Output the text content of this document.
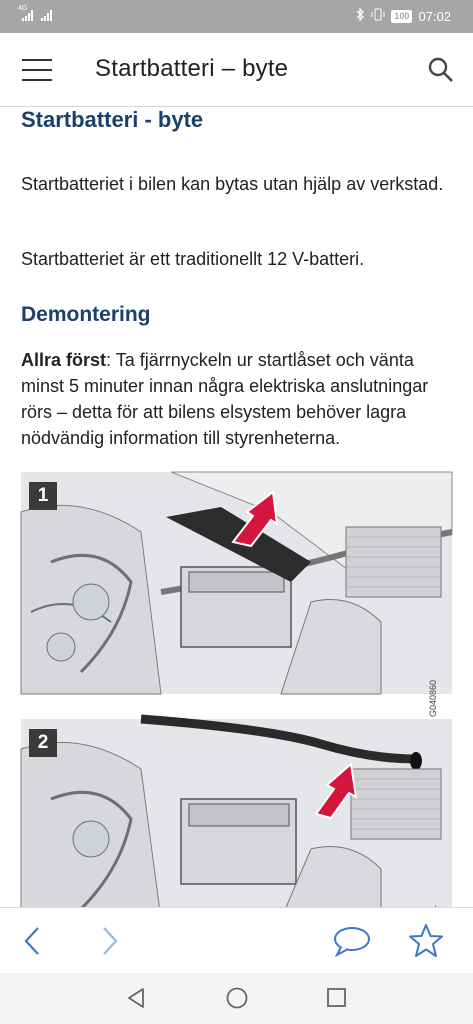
4G
100 07:02
Startbatteri – byte
Startbatteri - byte
Startbatteriet i bilen kan bytas utan hjälp av verkstad.
Startbatteriet är ett traditionellt 12 V-batteri.
Demontering
Allra först: Ta fjärrnyckeln ur startlåset och vänta minst 5 minuter innan några elektriska anslutningar rörs – detta för att bilens elsystem behöver lagra nödvändig information till styrenheterna.
1
G040860
2
